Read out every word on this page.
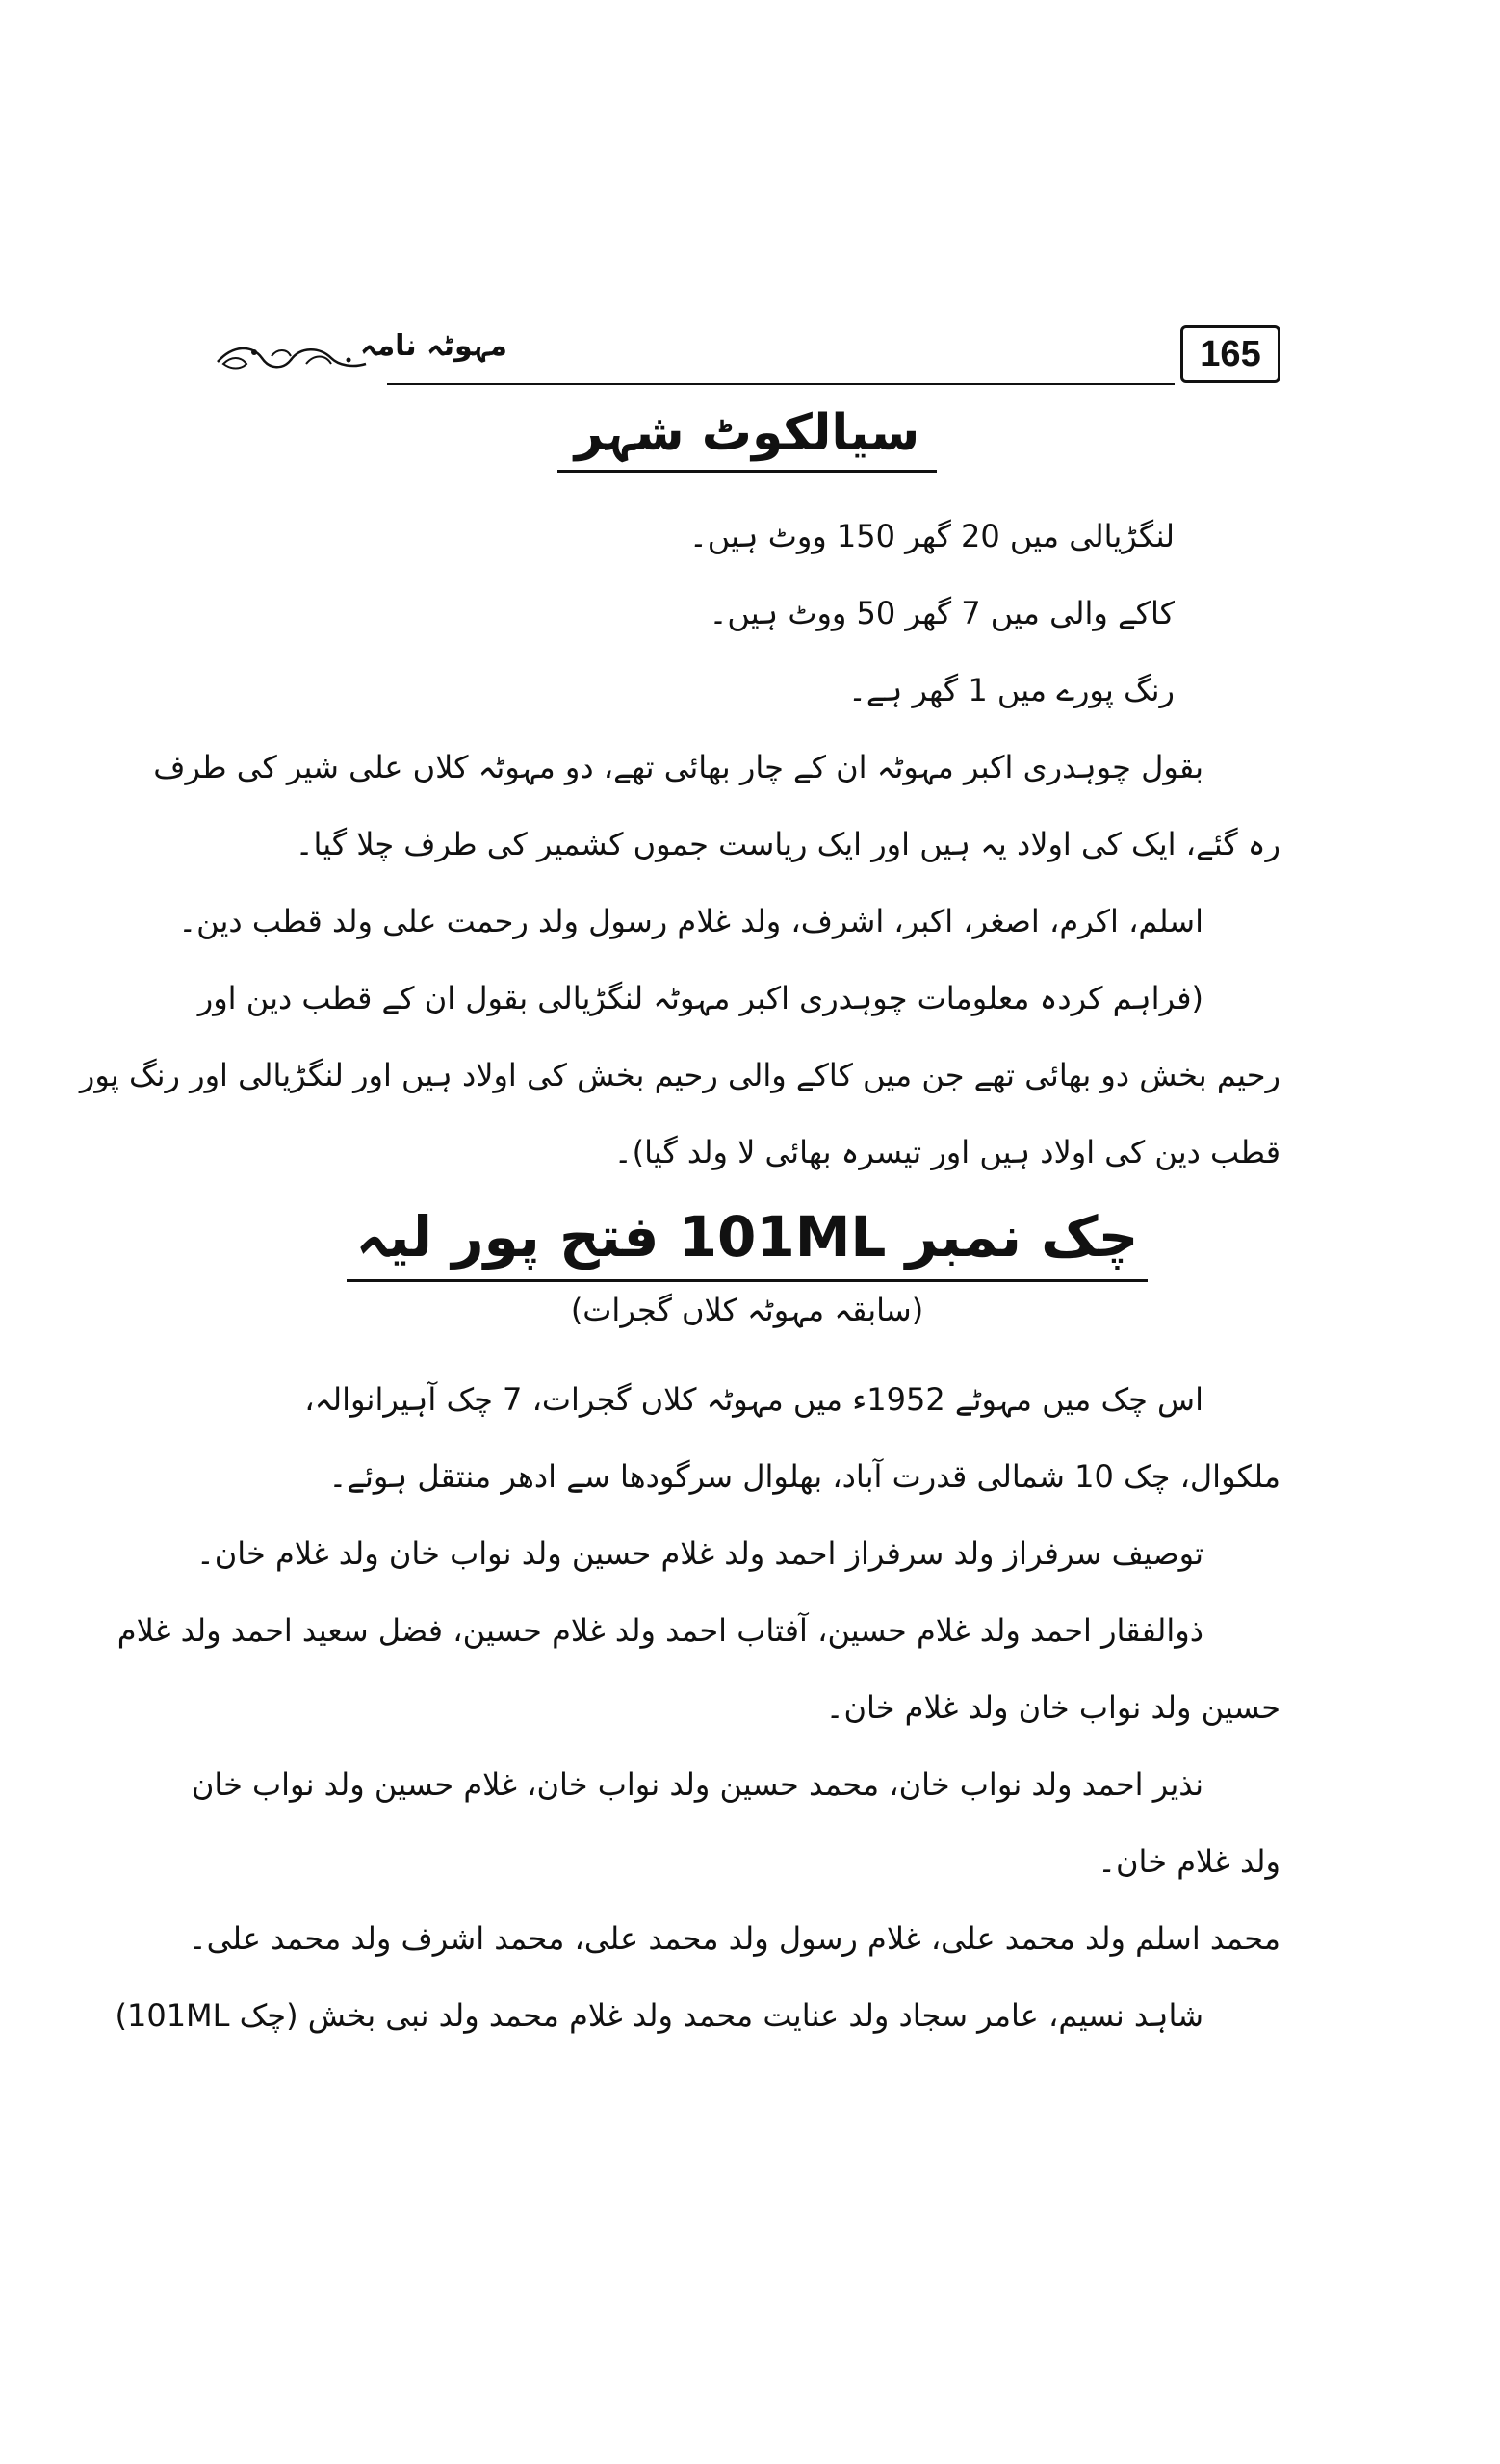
مہوٹہ نامہ	165
سیالکوٹ شہر
لنگڑیالی میں 20 گھر 150 ووٹ ہیں۔
کاکے والی میں 7 گھر 50 ووٹ ہیں۔
رنگ پورے میں 1 گھر ہے۔
بقول چوہدری اکبر مہوٹہ ان کے چار بھائی تھے، دو مہوٹہ کلاں علی شیر کی طرف
رہ گئے، ایک کی اولاد یہ ہیں اور ایک ریاست جموں کشمیر کی طرف چلا گیا۔
اسلم، اکرم، اصغر، اکبر، اشرف، ولد غلام رسول ولد رحمت علی ولد قطب دین۔
(فراہم کردہ معلومات چوہدری اکبر مہوٹہ لنگڑیالی بقول ان کے قطب دین اور
رحیم بخش دو بھائی تھے جن میں کاکے والی رحیم بخش کی اولاد ہیں اور لنگڑیالی اور رنگ پور
قطب دین کی اولاد ہیں اور تیسرہ بھائی لا ولد گیا)۔
چک نمبر 101ML فتح پور لیہ
(سابقہ مہوٹہ کلاں گجرات)
اس چک میں مہوٹے 1952ء میں مہوٹہ کلاں گجرات، 7 چک آہیرانوالہ،
ملکوال، چک 10 شمالی قدرت آباد، بھلوال سرگودھا سے ادھر منتقل ہوئے۔
توصیف سرفراز ولد سرفراز احمد ولد غلام حسین ولد نواب خان ولد غلام خان۔
ذوالفقار احمد ولد غلام حسین، آفتاب احمد ولد غلام حسین، فضل سعید احمد ولد غلام
حسین ولد نواب خان ولد غلام خان۔
نذیر احمد ولد نواب خان، محمد حسین ولد نواب خان، غلام حسین ولد نواب خان
ولد غلام خان۔
محمد اسلم ولد محمد علی، غلام رسول ولد محمد علی، محمد اشرف ولد محمد علی۔
شاہد نسیم، عامر سجاد ولد عنایت محمد ولد غلام محمد ولد نبی بخش (چک 101ML)
